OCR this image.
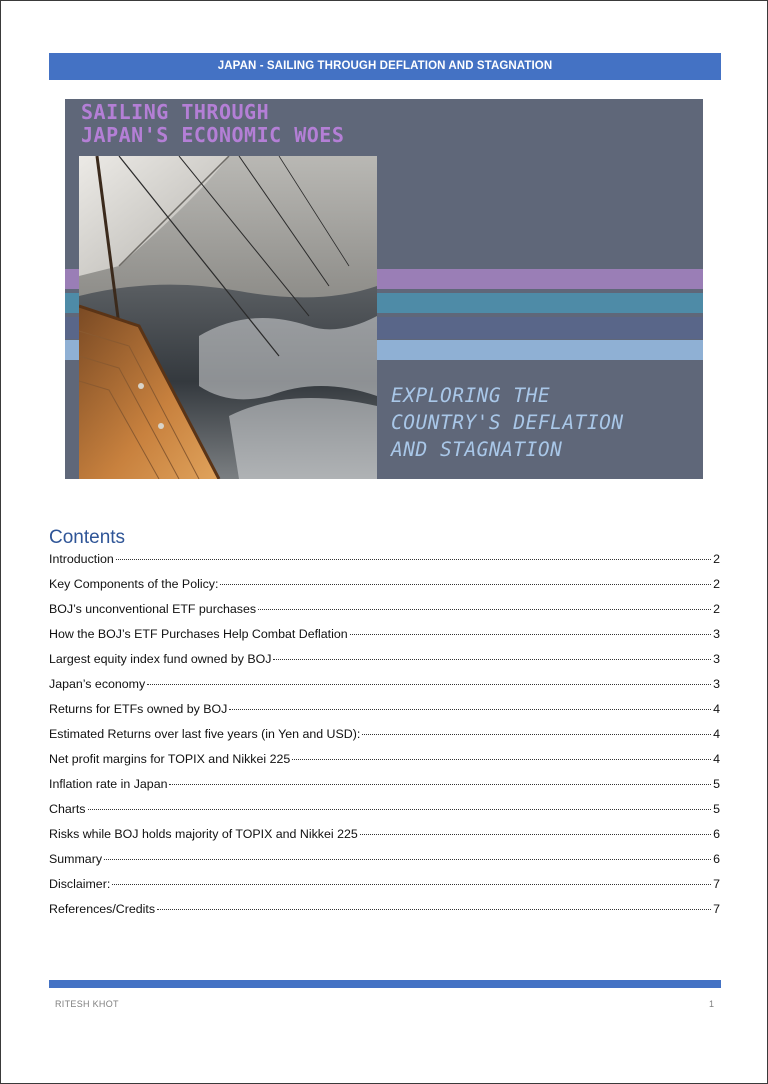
JAPAN - SAILING THROUGH DEFLATION AND STAGNATION
SAILING THROUGH
JAPAN'S ECONOMIC WOES
EXPLORING THE
COUNTRY'S DEFLATION
AND STAGNATION
Contents
Introduction	2
Key Components of the Policy:	2
BOJ’s unconventional ETF purchases	2
How the BOJ’s ETF Purchases Help Combat Deflation	3
Largest equity index fund owned by BOJ	3
Japan’s economy	3
Returns for ETFs owned by BOJ	4
Estimated Returns over last five years (in Yen and USD):	4
Net profit margins for TOPIX and Nikkei 225	4
Inflation rate in Japan	5
Charts	5
Risks while BOJ holds majority of TOPIX and Nikkei 225	6
Summary	6
Disclaimer:	7
References/Credits	7
RITESH KHOT	1
